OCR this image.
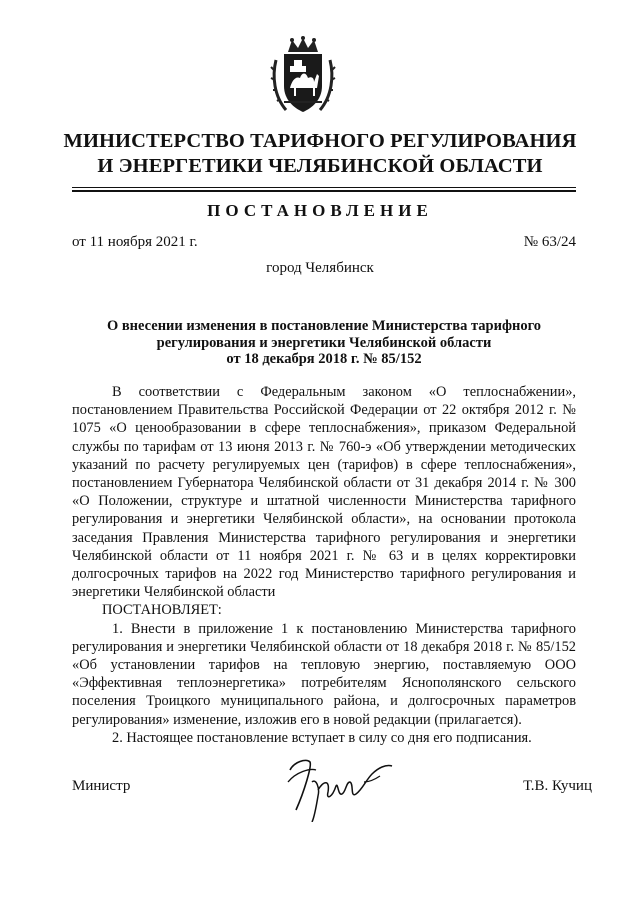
МИНИСТЕРСТВО ТАРИФНОГО РЕГУЛИРОВАНИЯ
И ЭНЕРГЕТИКИ ЧЕЛЯБИНСКОЙ ОБЛАСТИ
ПОСТАНОВЛЕНИЕ
от 11 ноября 2021 г.	№ 63/24
город Челябинск
О внесении изменения в постановление Министерства тарифного
регулирования и энергетики Челябинской области
от 18 декабря 2018 г. № 85/152

В соответствии с Федеральным законом «О теплоснабжении», постановлением Правительства Российской Федерации от 22 октября 2012 г. № 1075 «О ценообразовании в сфере теплоснабжения», приказом Федеральной службы по тарифам от 13 июня 2013 г. № 760-э «Об утверждении методических указаний по расчету регулируемых цен (тарифов) в сфере теплоснабжения», постановлением Губернатора Челябинской области от 31 декабря 2014 г. № 300 «О Положении, структуре и штатной численности Министерства тарифного регулирования и энергетики Челябинской области», на основании протокола заседания Правления Министерства тарифного регулирования и энергетики Челябинской области от 11 ноября 2021 г. № 63 и в целях корректировки долгосрочных тарифов на 2022 год Министерство тарифного регулирования и энергетики Челябинской области

ПОСТАНОВЛЯЕТ:

1. Внести в приложение 1 к постановлению Министерства тарифного регулирования и энергетики Челябинской области от 18 декабря 2018 г. № 85/152 «Об установлении тарифов на тепловую энергию, поставляемую ООО «Эффективная теплоэнергетика» потребителям Яснополянского сельского поселения Троицкого муниципального района, и долгосрочных параметров регулирования» изменение, изложив его в новой редакции (прилагается).

2. Настоящее постановление вступает в силу со дня его подписания.

Министр	Т.В. Кучиц
